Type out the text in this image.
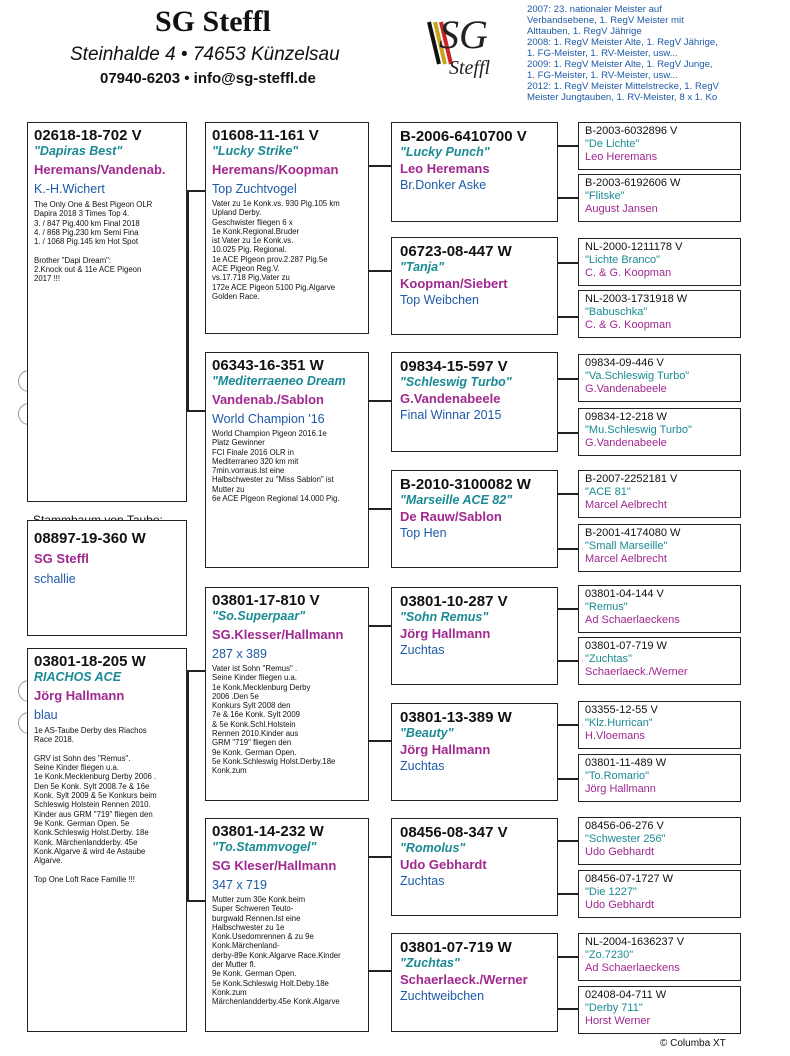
SG Steffl
Steinhalde 4 • 74653 Künzelsau
07940-6203 • info@sg-steffl.de
SG
Steffl
2007: 23. nationaler Meister auf
Verbandsebene, 1. RegV Meister mit
Alttauben, 1. RegV Jährige
2008: 1. RegV Meister Alte, 1. RegV Jährige,
1. FG-Meister, 1. RV-Meister, usw...
2009: 1. RegV Meister Alte, 1. RegV Junge,
1. FG-Meister, 1. RV-Meister, usw...
2012: 1. RegV Meister Mittelstrecke, 1. RegV
Meister Jungtauben, 1. RV-Meister, 8 x 1. Ko
02618-18-702 V
"Dapiras Best"
Heremans/Vandenab.
K.-H.Wichert
The Only One & Best Pigeon OLR
Dapira 2018 3 Times Top 4.
3. / 847 Pig.400 km Final 2018
4. / 868 Pig.230 km Semi Fina
1. / 1068 Pig.145 km Hot Spot

Brother "Dapi Dream":
2.Knock out & 11e ACE Pigeon
2017 !!!
08897-19-360 W
SG Steffl
schallie
03801-18-205 W
RIACHOS ACE
Jörg Hallmann
blau
1e AS-Taube Derby des Riachos
Race 2018.

GRV ist Sohn des "Remus".
Seine Kinder fliegen u.a.
1e Konk.Mecklenburg Derby 2006 .
Den 5e Konk. Sylt 2008.7e & 16e
Konk. Sylt 2009 & 5e Konkurs beim
Schleswig Holstein Rennen 2010.
Kinder aus GRM "719" fliegen den
9e Konk. German Open. 5e
Konk.Schleswig Holst.Derby. 18e
Konk. Märchenlandderby. 45e
Konk.Algarve & wird 4e Astaube
Algarve.

Top One Loft Race Familie !!!
01608-11-161 V
"Lucky Strike"
Heremans/Koopman
Top Zuchtvogel
Vater zu 1e Konk.vs. 930 Pig.105 km
Upland Derby.
Geschwister fliegen 6 x
1e Konk.Regional.Bruder
ist Vater zu 1e Konk.vs.
10.025 Pig. Regional.
1e ACE Pigeon prov.2.287 Pig.5e
ACE Pigeon Reg.V.
vs.17.718 Pig.Vater zu
172e ACE Pigeon 5100 Pig.Algarve
Golden Race.
06343-16-351 W
"Mediterraeneo Dream
Vandenab./Sablon
World Champion '16
World Champion Pigeon 2016.1e
Platz Gewinner
FCI Finale 2016 OLR in
Mediterraneo 320 km mit
7min.vorraus.Ist eine
Halbschwester zu "Miss Sablon" ist
Mutter zu
6e ACE Pigeon Regional 14.000 Pig.
03801-17-810 V
"So.Superpaar"
SG.Klesser/Hallmann
287 x 389
Vater ist Sohn "Remus" .
Seine Kinder fliegen u.a.
1e Konk.Mecklenburg Derby
2006 .Den 5e
Konkurs Sylt 2008 den
7e & 16e Konk. Sylt 2009
& 5e Konk.Schl.Holstein
Rennen 2010.Kinder aus
GRM "719" fliegen den
9e Konk. German Open.
5e Konk.Schleswig Holst.Derby.18e
Konk.zum
03801-14-232 W
"To.Stammvogel"
SG Kleser/Hallmann
347 x 719
Mutter zum 30e Konk.beim
Super Schweren Teuto-
burgwald Rennen.Ist eine
Halbschwester zu 1e
Konk.Usedomrennen & zu 9e
Konk.Märchenland-
derby-89e Konk.Algarve Race.Kinder
der Mutter fl.
9e Konk. German Open.
5e Konk.Schleswig Holt.Deby.18e
Konk.zum
Märchenlandderby.45e Konk.Algarve
B-2006-6410700 V
"Lucky Punch"
Leo Heremans
Br.Donker Aske
06723-08-447 W
"Tanja"
Koopman/Siebert
Top Weibchen
09834-15-597 V
"Schleswig Turbo"
G.Vandenabeele
Final Winnar 2015
B-2010-3100082 W
"Marseille ACE 82"
De Rauw/Sablon
Top Hen
03801-10-287 V
"Sohn Remus"
Jörg Hallmann
Zuchtas
03801-13-389 W
"Beauty"
Jörg Hallmann
Zuchtas
08456-08-347 V
"Romolus"
Udo Gebhardt
Zuchtas
03801-07-719 W
"Zuchtas"
Schaerlaeck./Werner
Zuchtweibchen
B-2003-6032896 V
"De Lichte"
Leo Heremans
B-2003-6192606 W
"Flitske"
August Jansen
NL-2000-1211178 V
"Lichte Branco"
C. & G. Koopman
NL-2003-1731918 W
"Babuschka"
C. & G. Koopman
09834-09-446 V
"Va.Schleswig Turbo"
G.Vandenabeele
09834-12-218 W
"Mu.Schleswig Turbo"
G.Vandenabeele
B-2007-2252181 V
"ACE 81"
Marcel Aelbrecht
B-2001-4174080 W
"Small Marseille"
Marcel Aelbrecht
03801-04-144 V
"Remus"
Ad Schaerlaeckens
03801-07-719 W
"Zuchtas"
Schaerlaeck./Werner
03355-12-55 V
"Klz.Hurrican"
H.Vloemans
03801-11-489 W
"To.Romario"
Jörg Hallmann
08456-06-276 V
"Schwester 256"
Udo Gebhardt
08456-07-1727 W
"Die 1227"
Udo Gebhardt
NL-2004-1636237 V
"Zo.7230"
Ad Schaerlaeckens
02408-04-711 W
"Derby 711"
Horst Werner
© Columba XT
